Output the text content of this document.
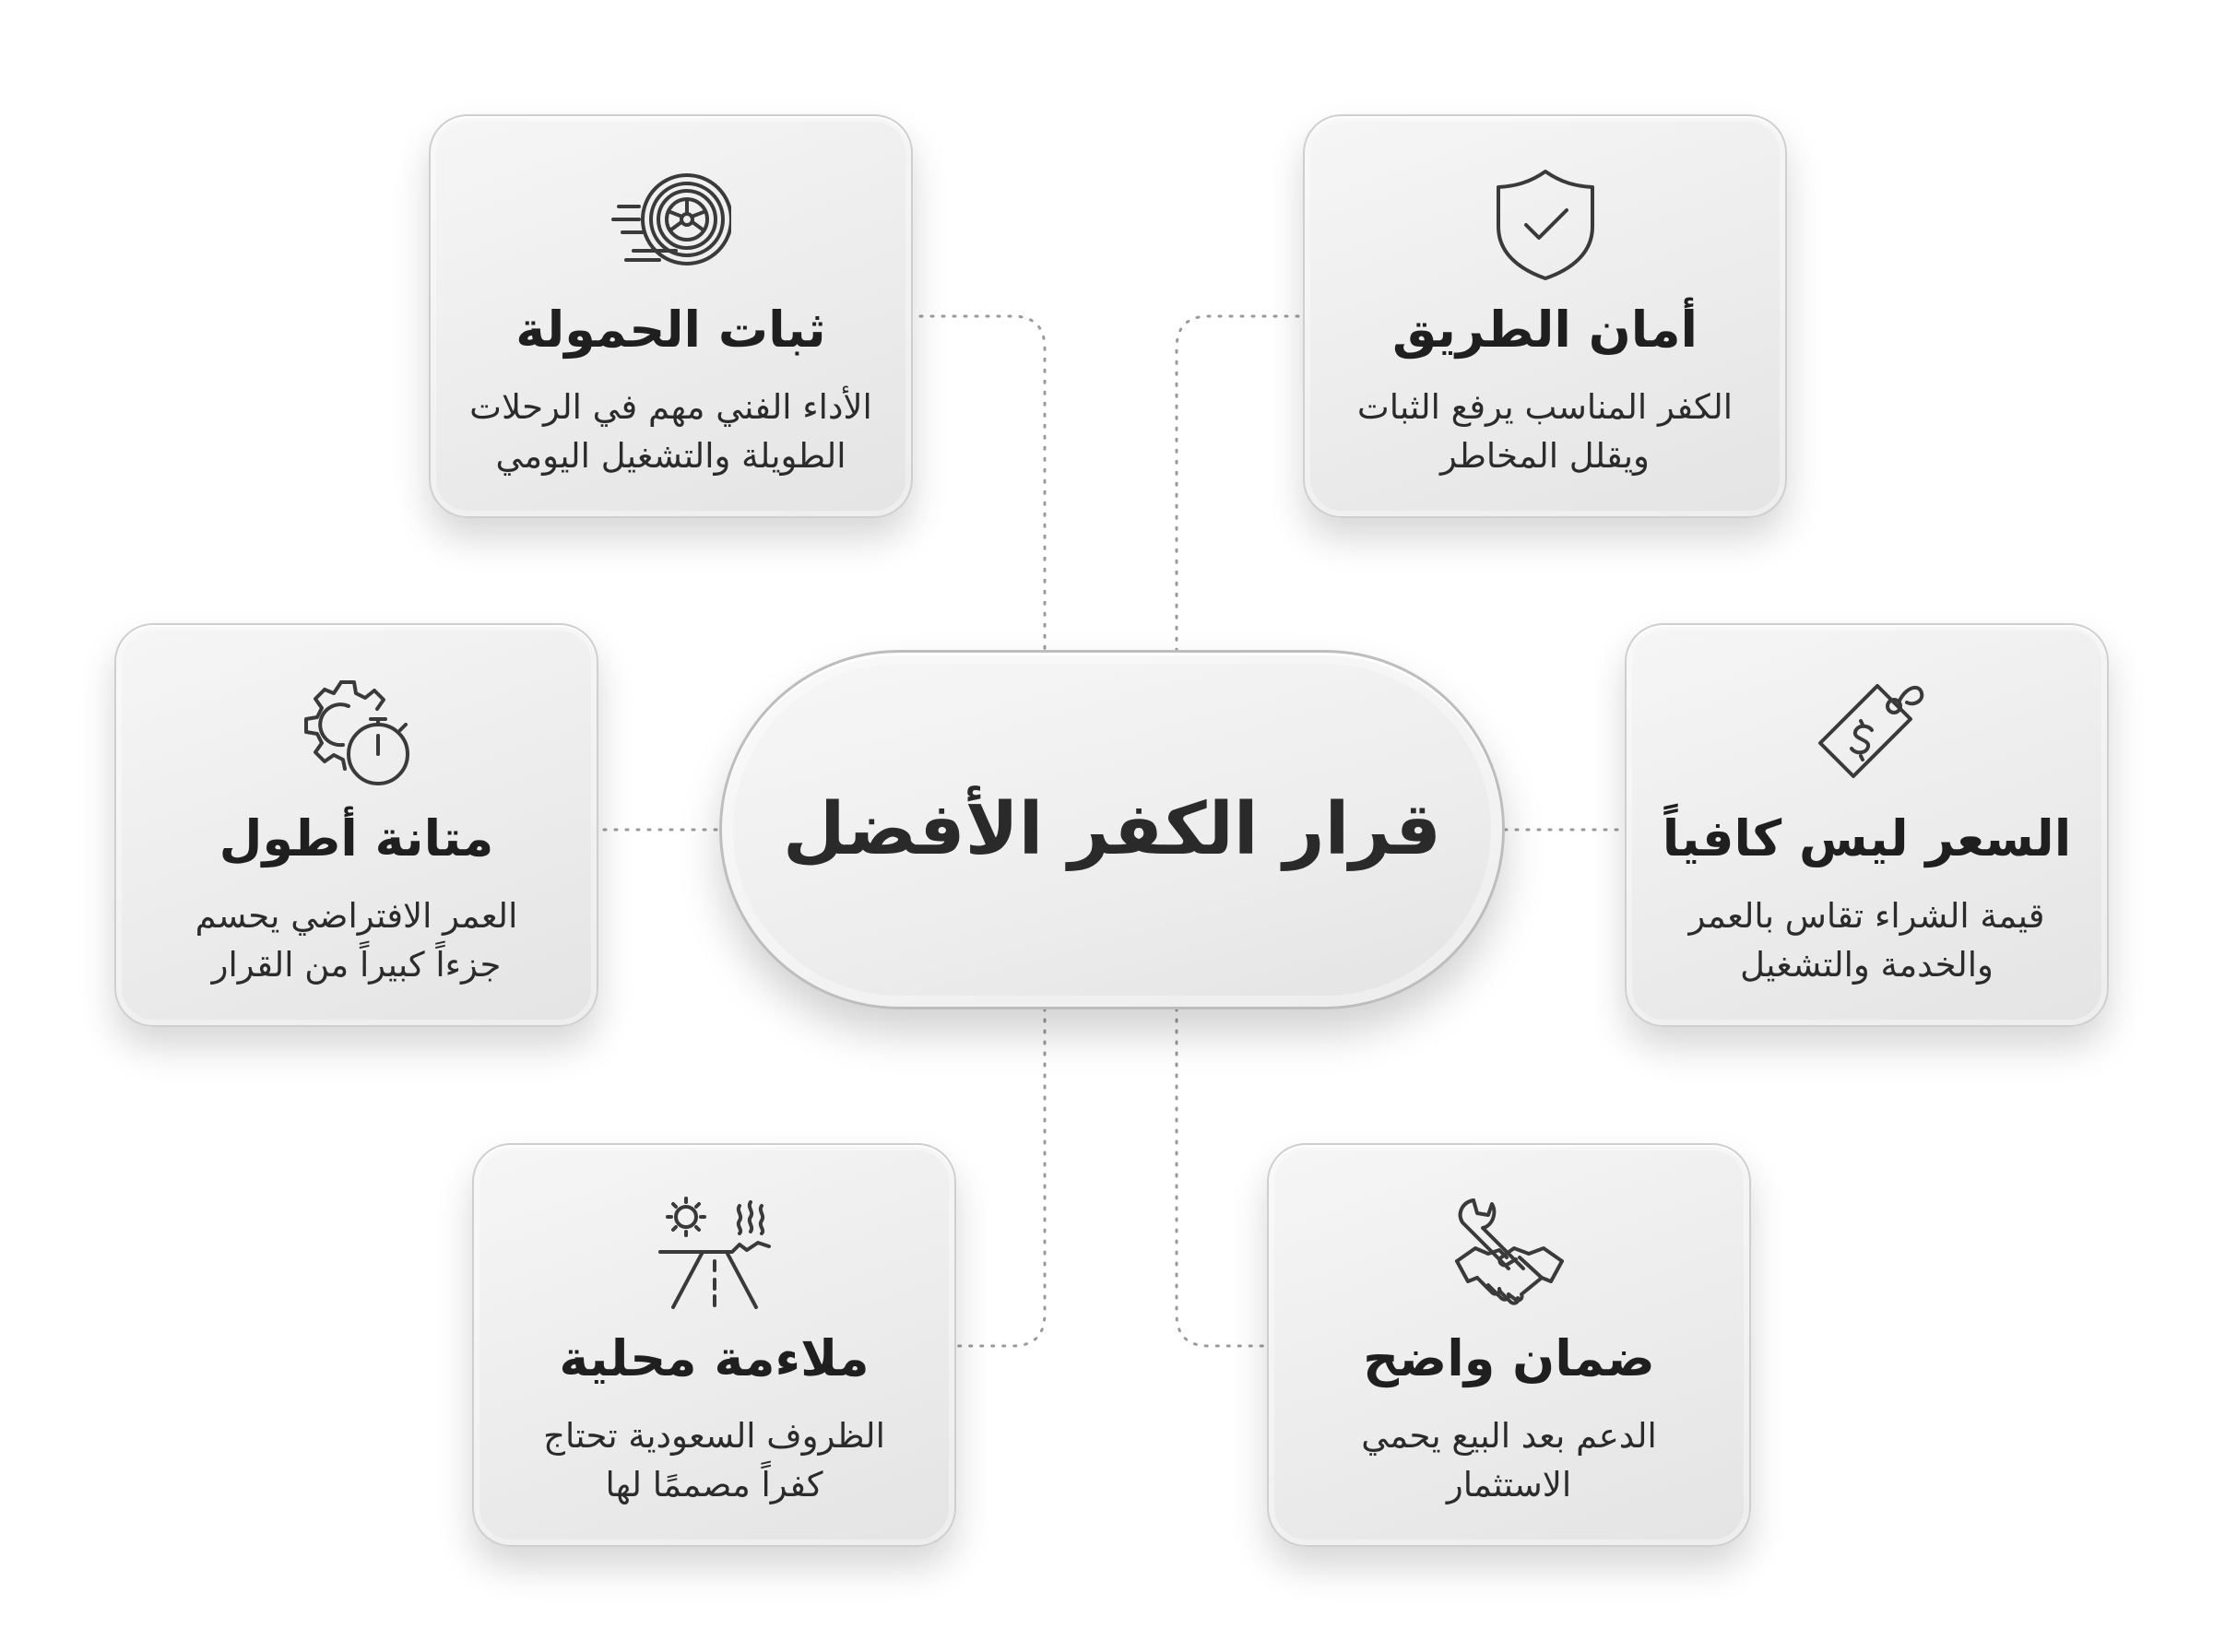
ثبات الحمولة

الأداء الفني مهم في الرحلات
الطويلة والتشغيل اليومي

أمان الطريق

الكفر المناسب يرفع الثبات
ويقلل المخاطر

متانة أطول

العمر الافتراضي يحسم
جزءاً كبيراً من القرار

السعر ليس كافياً

قيمة الشراء تقاس بالعمر
والخدمة والتشغيل

ملاءمة محلية

الظروف السعودية تحتاج
كفراً مصممًا لها

ضمان واضح

الدعم بعد البيع يحمي
الاستثمار

قرار الكفر الأفضل
